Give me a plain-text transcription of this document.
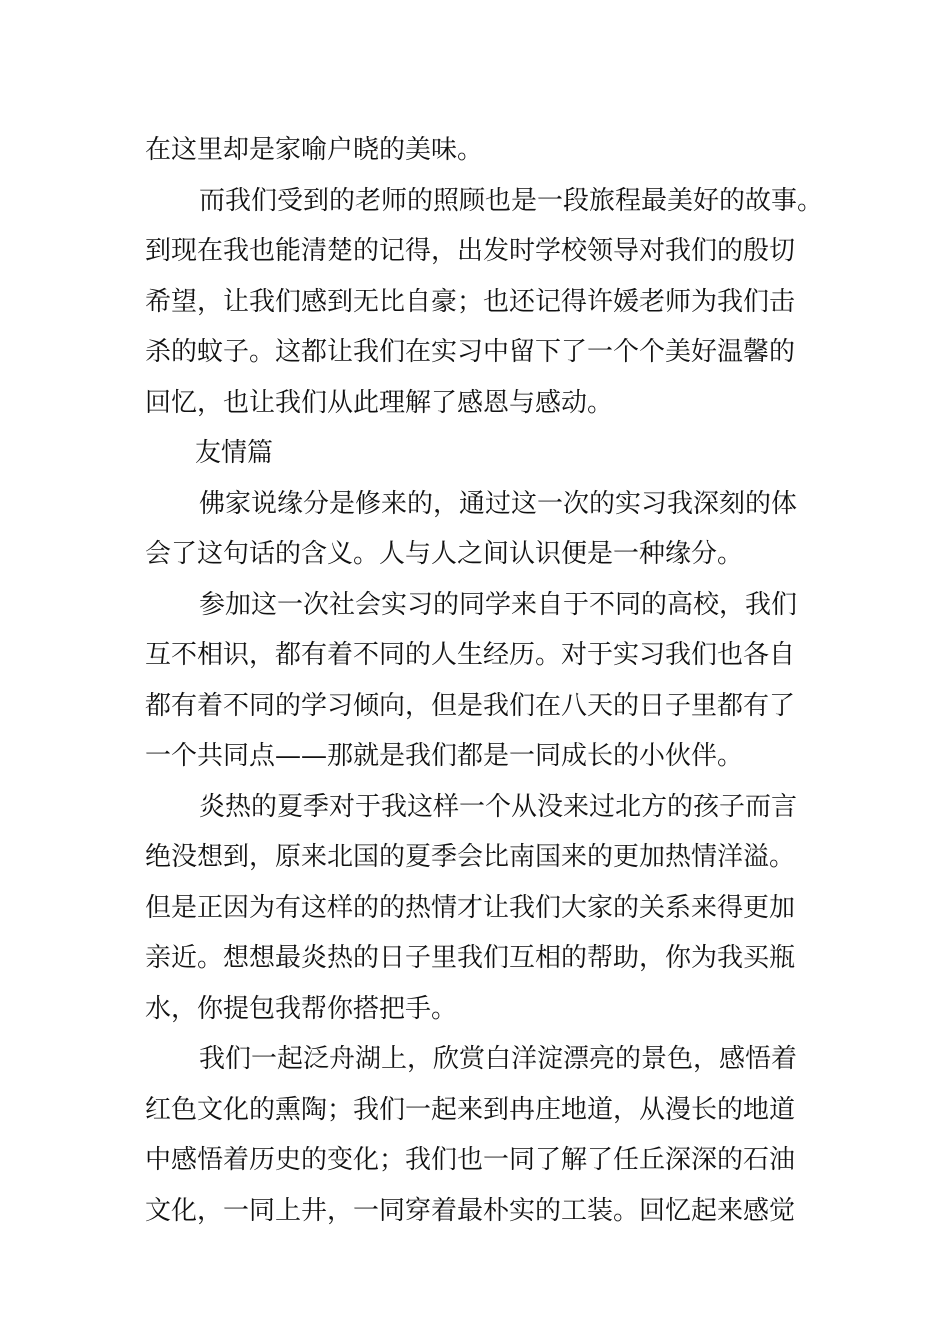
在这里却是家喻户晓的美味。
而我们受到的老师的照顾也是一段旅程最美好的故事。
到现在我也能清楚的记得，出发时学校领导对我们的殷切
希望，让我们感到无比自豪；也还记得许媛老师为我们击
杀的蚊子。这都让我们在实习中留下了一个个美好温馨的
回忆，也让我们从此理解了感恩与感动。
友情篇
佛家说缘分是修来的，通过这一次的实习我深刻的体
会了这句话的含义。人与人之间认识便是一种缘分。
参加这一次社会实习的同学来自于不同的高校，我们
互不相识，都有着不同的人生经历。对于实习我们也各自
都有着不同的学习倾向，但是我们在八天的日子里都有了
一个共同点——那就是我们都是一同成长的小伙伴。
炎热的夏季对于我这样一个从没来过北方的孩子而言
绝没想到，原来北国的夏季会比南国来的更加热情洋溢。
但是正因为有这样的的热情才让我们大家的关系来得更加
亲近。想想最炎热的日子里我们互相的帮助，你为我买瓶
水，你提包我帮你搭把手。
我们一起泛舟湖上，欣赏白洋淀漂亮的景色，感悟着
红色文化的熏陶；我们一起来到冉庄地道，从漫长的地道
中感悟着历史的变化；我们也一同了解了任丘深深的石油
文化，一同上井，一同穿着最朴实的工装。回忆起来感觉
